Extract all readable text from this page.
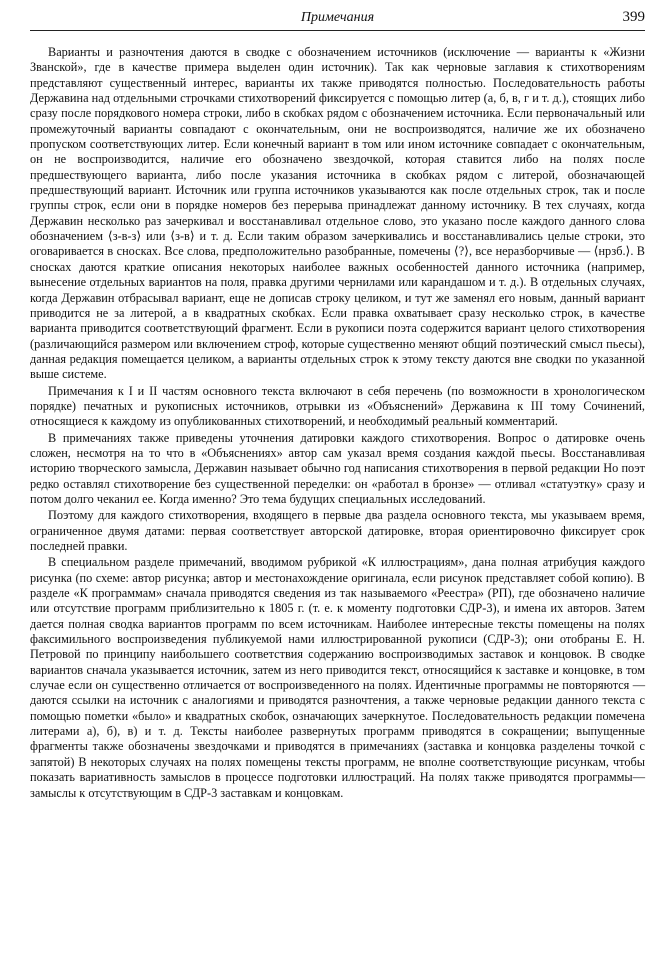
Примечания	399

Варианты и разночтения даются в сводке с обозначением источников (исключение — варианты к «Жизни Званской», где в качестве примера выделен один источник). Так как черновые заглавия к стихотворениям представляют существенный интерес, варианты их также приводятся полностью. Последовательность работы Державина над отдельными строчками стихотворений фиксируется с помощью литер (а, б, в, г и т. д.), стоящих либо сразу после порядкового номера строки, либо в скобках рядом с обозначением источника. Если первоначальный или промежуточный варианты совпадают с окончательным, они не воспроизводятся, наличие же их обозначено пропуском соответствующих литер. Если конечный вариант в том или ином источнике совпадает с окончательным, он не воспроизводится, наличие его обозначено звездочкой, которая ставится либо на полях после предшествующего варианта, либо после указания источника в скобках рядом с литерой, обозначающей предшествующий вариант. Источник или группа источников указываются как после отдельных строк, так и после группы строк, если они в порядке номеров без перерыва принадлежат данному источнику. В тех случаях, когда Державин несколько раз зачеркивал и восстанавливал отдельное слово, это указано после каждого данного слова обозначением ⟨з-в-з⟩ или ⟨з-в⟩ и т. д. Если таким образом зачеркивались и восстанавливались целые строки, это оговаривается в сносках. Все слова, предположительно разобранные, помечены ⟨?⟩, все неразборчивые — ⟨нрзб.⟩. В сносках даются краткие описания некоторых наиболее важных особенностей данного источника (например, вынесение отдельных вариантов на поля, правка другими чернилами или карандашом и т. д.). В отдельных случаях, когда Державин отбрасывал вариант, еще не дописав строку целиком, и тут же заменял его новым, данный вариант приводится не за литерой, а в квадратных скобках. Если правка охватывает сразу несколько строк, в качестве варианта приводится соответствующий фрагмент. Если в рукописи поэта содержится вариант целого стихотворения (различающийся размером или включением строф, которые существенно меняют общий поэтический смысл пьесы), данная редакция помещается целиком, а варианты отдельных строк к этому тексту даются вне сводки по указанной выше системе.

Примечания к I и II частям основного текста включают в себя перечень (по возможности в хронологическом порядке) печатных и рукописных источников, отрывки из «Объяснений» Державина к III тому Сочинений, относящиеся к каждому из опубликованных стихотворений, и необходимый реальный комментарий.

В примечаниях также приведены уточнения датировки каждого стихотворения. Вопрос о датировке очень сложен, несмотря на то что в «Объяснениях» автор сам указал время создания каждой пьесы. Восстанавливая историю творческого замысла, Державин называет обычно год написания стихотворения в первой редакции Но поэт редко оставлял стихотворение без существенной переделки: он «работал в бронзе» — отливал «статуэтку» сразу и потом долго чеканил ее. Когда именно? Это тема будущих специальных исследований.

Поэтому для каждого стихотворения, входящего в первые два раздела основного текста, мы указываем время, ограниченное двумя датами: первая соответствует авторской датировке, вторая ориентировочно фиксирует срок последней правки.

В специальном разделе примечаний, вводимом рубрикой «К иллюстрациям», дана полная атрибуция каждого рисунка (по схеме: автор рисунка; автор и местонахождение оригинала, если рисунок представляет собой копию). В разделе «К программам» сначала приводятся сведения из так называемого «Реестра» (РП), где обозначено наличие или отсутствие программ приблизительно к 1805 г. (т. е. к моменту подготовки СДР-3), и имена их авторов. Затем дается полная сводка вариантов программ по всем источникам. Наиболее интересные тексты помещены на полях факсимильного воспроизведения публикуемой нами иллюстрированной рукописи (СДР-3); они отобраны Е. Н. Петровой по принципу наибольшего соответствия содержанию воспроизводимых заставок и концовок. В сводке вариантов сначала указывается источник, затем из него приводится текст, относящийся к заставке и концовке, в том случае если он существенно отличается от воспроизведенного на полях. Идентичные программы не повторяются — даются ссылки на источник с аналогиями и приводятся разночтения, а также черновые редакции данного текста с помощью пометки «было» и квадратных скобок, означающих зачеркнутое. Последовательность редакции помечена литерами а), б), в) и т. д. Тексты наиболее развернутых программ приводятся в сокращении; выпущенные фрагменты также обозначены звездочками и приводятся в примечаниях (заставка и концовка разделены точкой с запятой) В некоторых случаях на полях помещены тексты программ, не вполне соответствующие рисункам, чтобы показать вариативность замыслов в процессе подготовки иллюстраций. На полях также приводятся программы—замыслы к отсутствующим в СДР-3 заставкам и концовкам.
